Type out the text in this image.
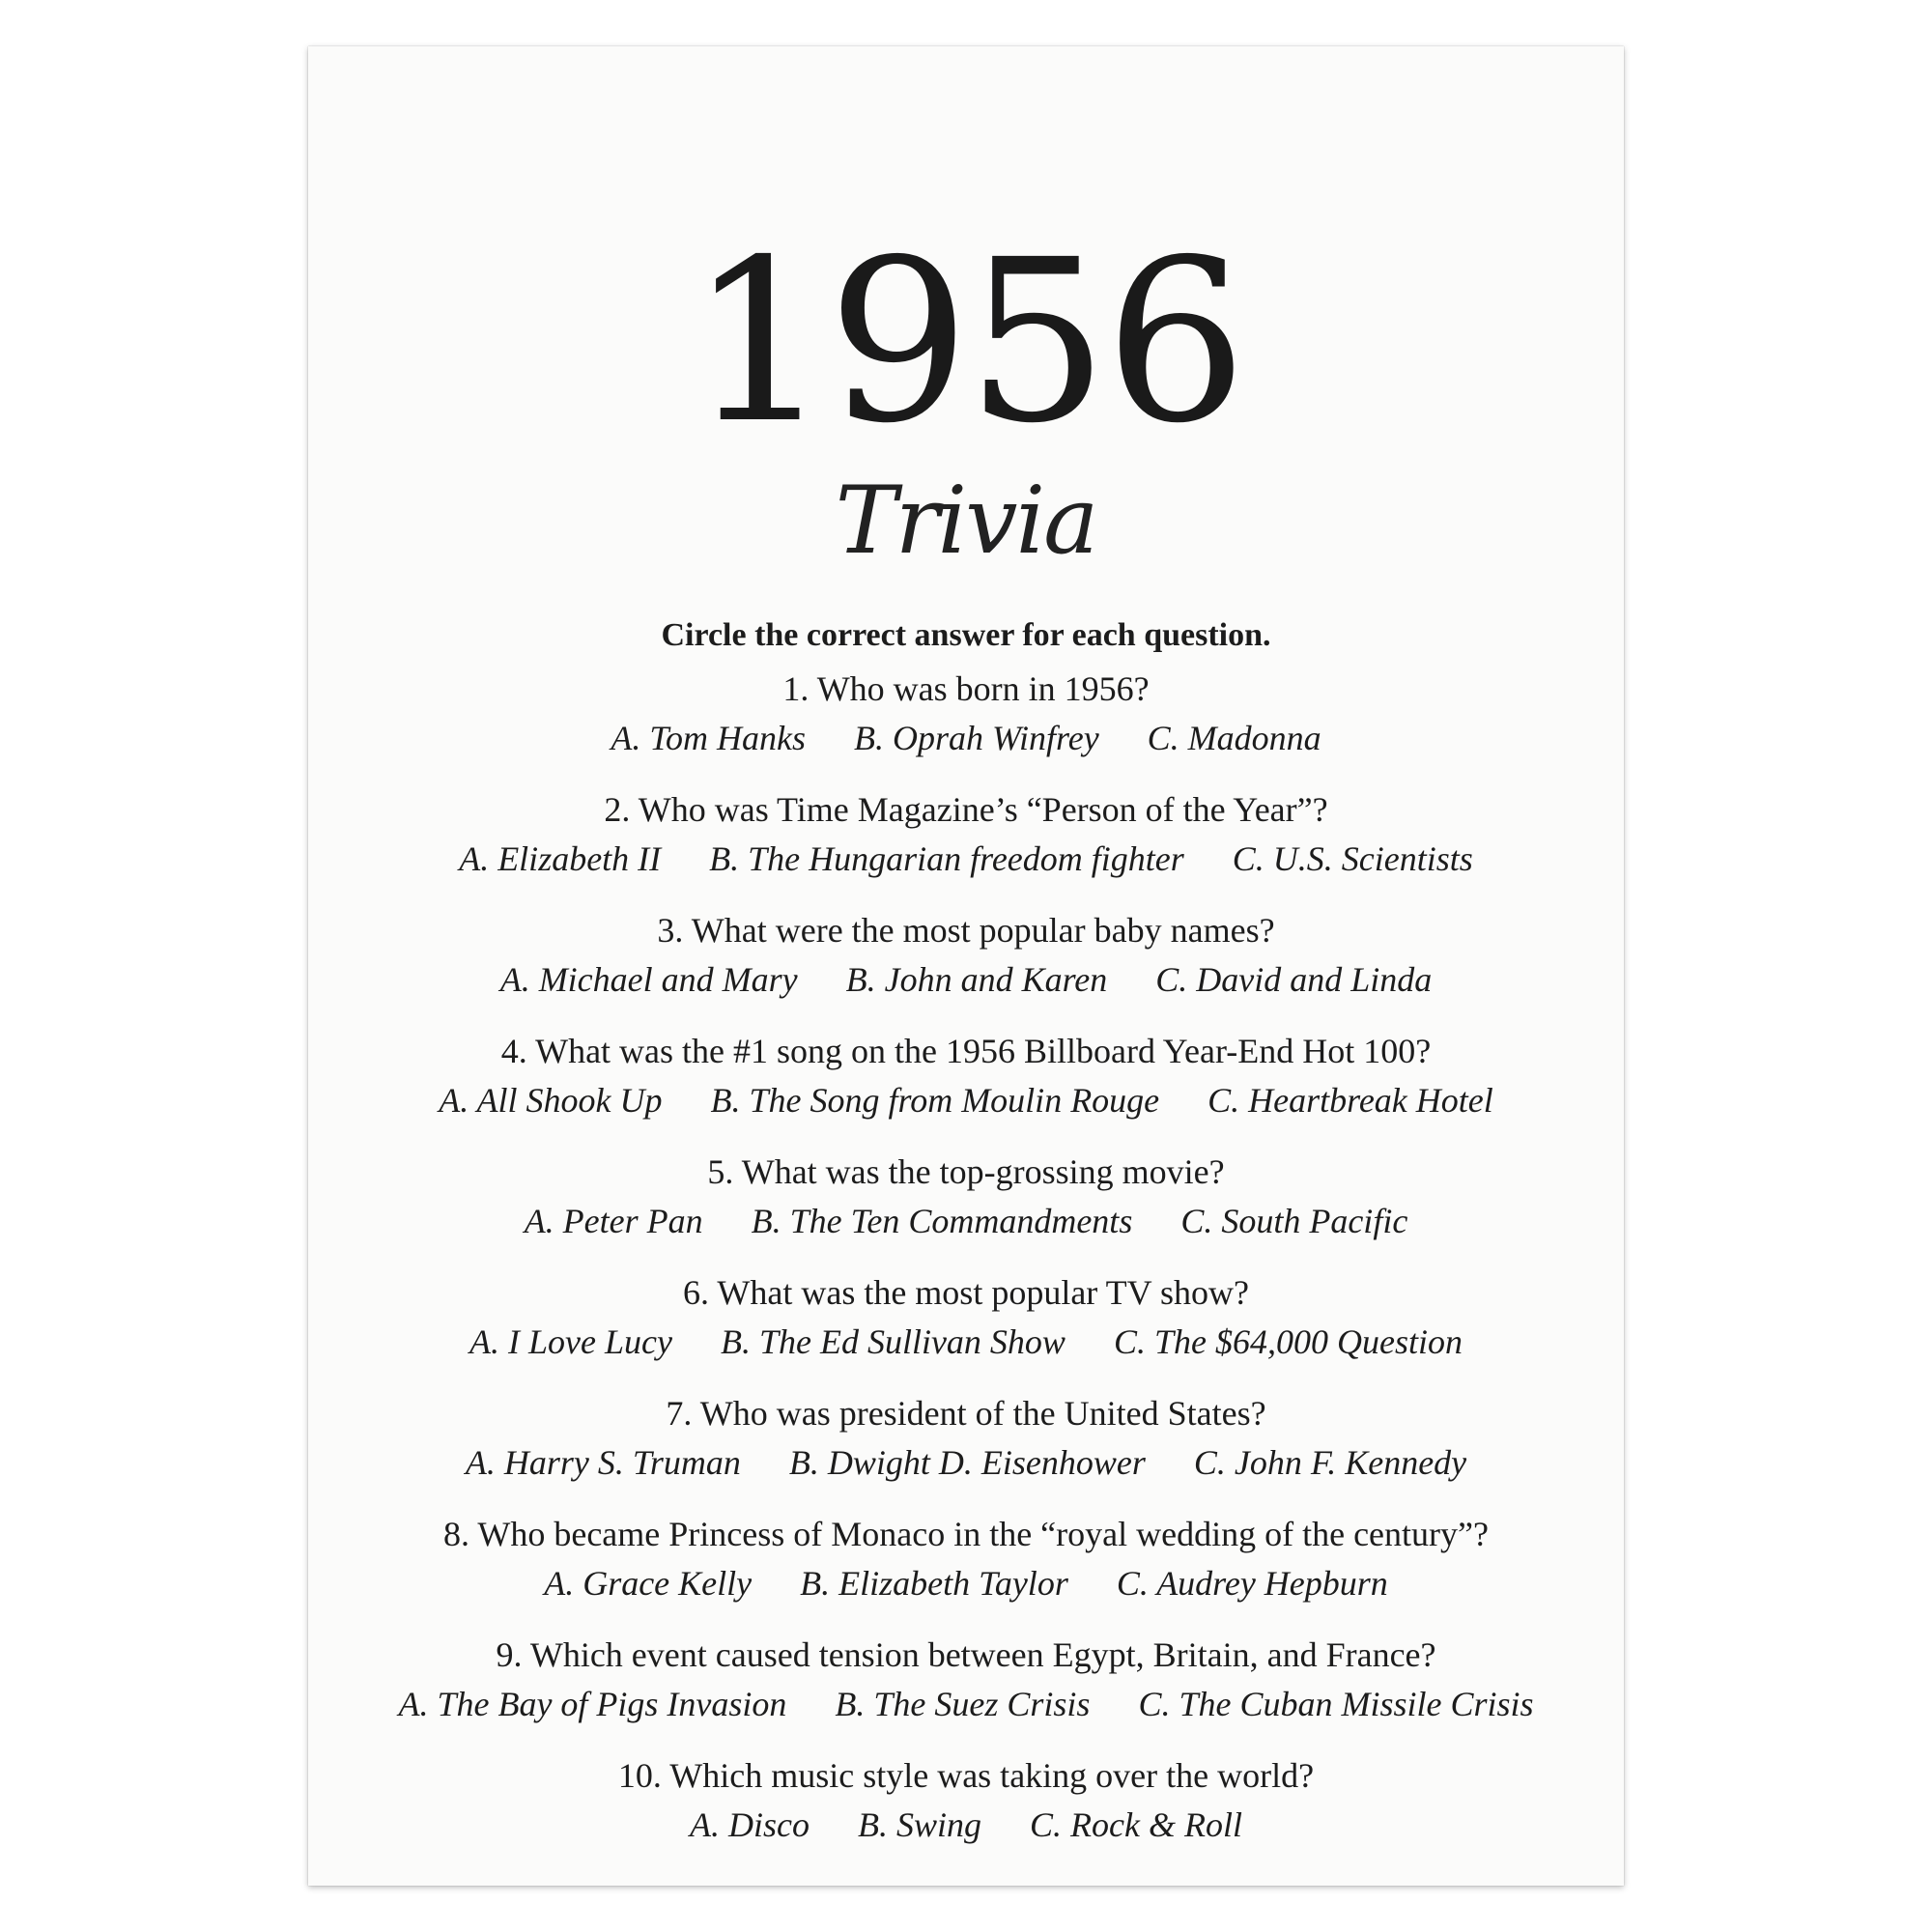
1956
Trivia
Circle the correct answer for each question.
1. Who was born in 1956?
A. Tom Hanks B. Oprah Winfrey C. Madonna
2. Who was Time Magazine’s “Person of the Year”?
A. Elizabeth II B. The Hungarian freedom fighter C. U.S. Scientists
3. What were the most popular baby names?
A. Michael and Mary B. John and Karen C. David and Linda
4. What was the #1 song on the 1956 Billboard Year-End Hot 100?
A. All Shook Up B. The Song from Moulin Rouge C. Heartbreak Hotel
5. What was the top-grossing movie?
A. Peter Pan B. The Ten Commandments C. South Pacific
6. What was the most popular TV show?
A. I Love Lucy B. The Ed Sullivan Show C. The $64,000 Question
7. Who was president of the United States?
A. Harry S. Truman B. Dwight D. Eisenhower C. John F. Kennedy
8. Who became Princess of Monaco in the “royal wedding of the century”?
A. Grace Kelly B. Elizabeth Taylor C. Audrey Hepburn
9. Which event caused tension between Egypt, Britain, and France?
A. The Bay of Pigs Invasion B. The Suez Crisis C. The Cuban Missile Crisis
10. Which music style was taking over the world?
A. Disco B. Swing C. Rock & Roll
